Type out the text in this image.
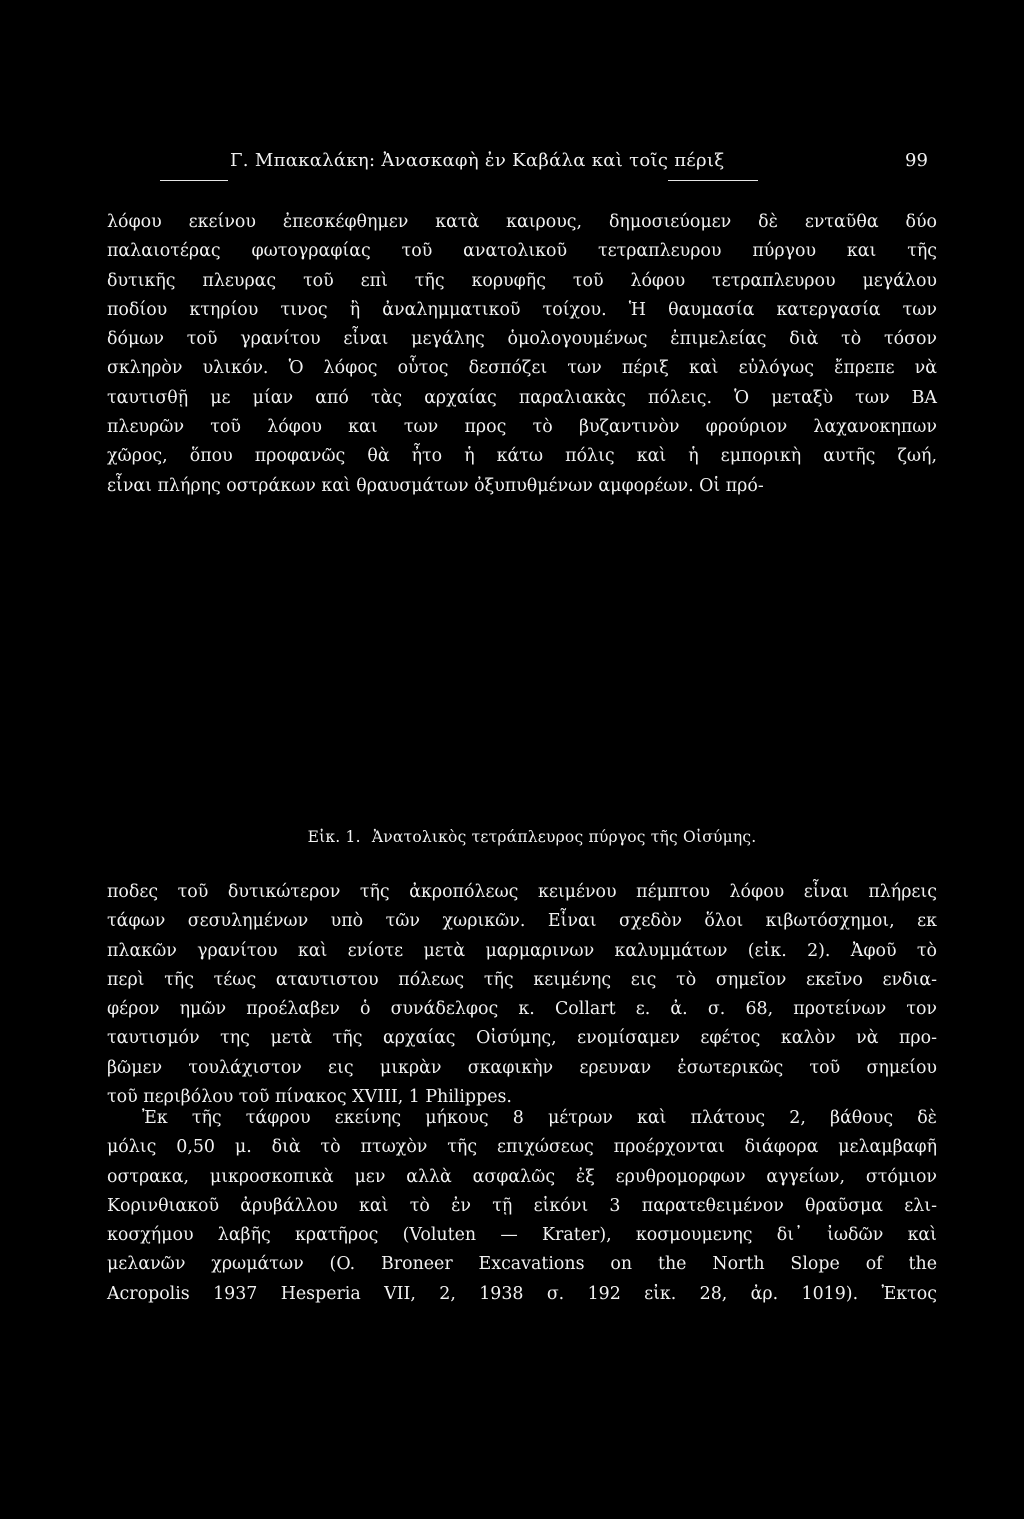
Γ. Μπακαλάκη: Ἀνασκαφὴ ἐν Καβάλα καὶ τοῖς πέριξ	99
λόφου εκείνου ἐπεσκέφθημεν κατὰ καιρους, δημοσιεύομεν δὲ ενταῦθα δύο
παλαιοτέρας φωτογραφίας τοῦ ανατολικοῦ τετραπλευρου πύργου και τῆς
δυτικῆς πλευρας τοῦ επὶ τῆς κορυφῆς τοῦ λόφου τετραπλευρου μεγάλου
ποδίου κτηρίου τινος ἢ ἀναλημματικοῦ τοίχου. Ἡ θαυμασία κατεργασία των
δόμων τοῦ γρανίτου εἶναι μεγάλης ὁμολογουμένως ἐπιμελείας διὰ τὸ τόσον
σκληρὸν υλικόν. Ὁ λόφος οὗτος δεσπόζει των πέριξ καὶ εὐλόγως ἔπρεπε νὰ
ταυτισθῇ με μίαν από τὰς αρχαίας παραλιακὰς πόλεις. Ὁ μεταξὺ των ΒΑ
πλευρῶν τοῦ λόφου και των προς τὸ βυζαντινὸν φρούριον λαχανοκηπων
χῶρος, ὅπου προφανῶς θὰ ἦτο ἡ κάτω πόλις καὶ ἡ εμπορικὴ αυτῆς ζωή,
εἶναι πλήρης οστράκων καὶ θραυσμάτων ὀξυπυθμένων αμφορέων. Οἱ πρό-
Εἰκ. 1. Ἀνατολικὸς τετράπλευρος πύργος τῆς Οἰσύμης.
ποδες τοῦ δυτικώτερον τῆς ἀκροπόλεως κειμένου πέμπτου λόφου εἶναι πλήρεις
τάφων σεσυλημένων υπὸ τῶν χωρικῶν. Εἶναι σχεδὸν ὅλοι κιβωτόσχημοι, εκ
πλακῶν γρανίτου καὶ ενίοτε μετὰ μαρμαρινων καλυμμάτων (εἰκ. 2). Ἀφοῦ τὸ
περὶ τῆς τέως αταυτιστου πόλεως τῆς κειμένης εις τὸ σημεῖον εκεῖνο ενδια-
φέρον ημῶν προέλαβεν ὁ συνάδελφος κ. Collart ε. ἀ. σ. 68, προτείνων τον
ταυτισμόν της μετὰ τῆς αρχαίας Οἰσύμης, ενομίσαμεν εφέτος καλὸν νὰ προ-
βῶμεν τουλάχιστον εις μικρὰν σκαφικὴν ερευναν ἐσωτερικῶς τοῦ σημείου
τοῦ περιβόλου τοῦ πίνακος XVIII, 1 Philippes.
Ἐκ τῆς τάφρου εκείνης μήκους 8 μέτρων καὶ πλάτους 2, βάθους δὲ
μόλις 0,50 μ. διὰ τὸ πτωχὸν τῆς επιχώσεως προέρχονται διάφορα μελαμβαφῆ
οστρακα, μικροσκοπικὰ μεν αλλὰ ασφαλῶς ἐξ ερυθρομορφων αγγείων, στόμιον
Κορινθιακοῦ ἀρυβάλλου καὶ τὸ ἐν τῇ εἰκόνι 3 παρατεθειμένον θραῦσμα ελι-
κοσχήμου λαβῆς κρατῆρος (Voluten — Krater), κοσμουμενης δι᾽ ἰωδῶν καὶ
μελανῶν χρωμάτων (O. Broneer Excavations on the North Slope of the
Acropolis 1937 Hesperia VII, 2, 1938 σ. 192 εἰκ. 28, ἀρ. 1019). Ἐκτος
